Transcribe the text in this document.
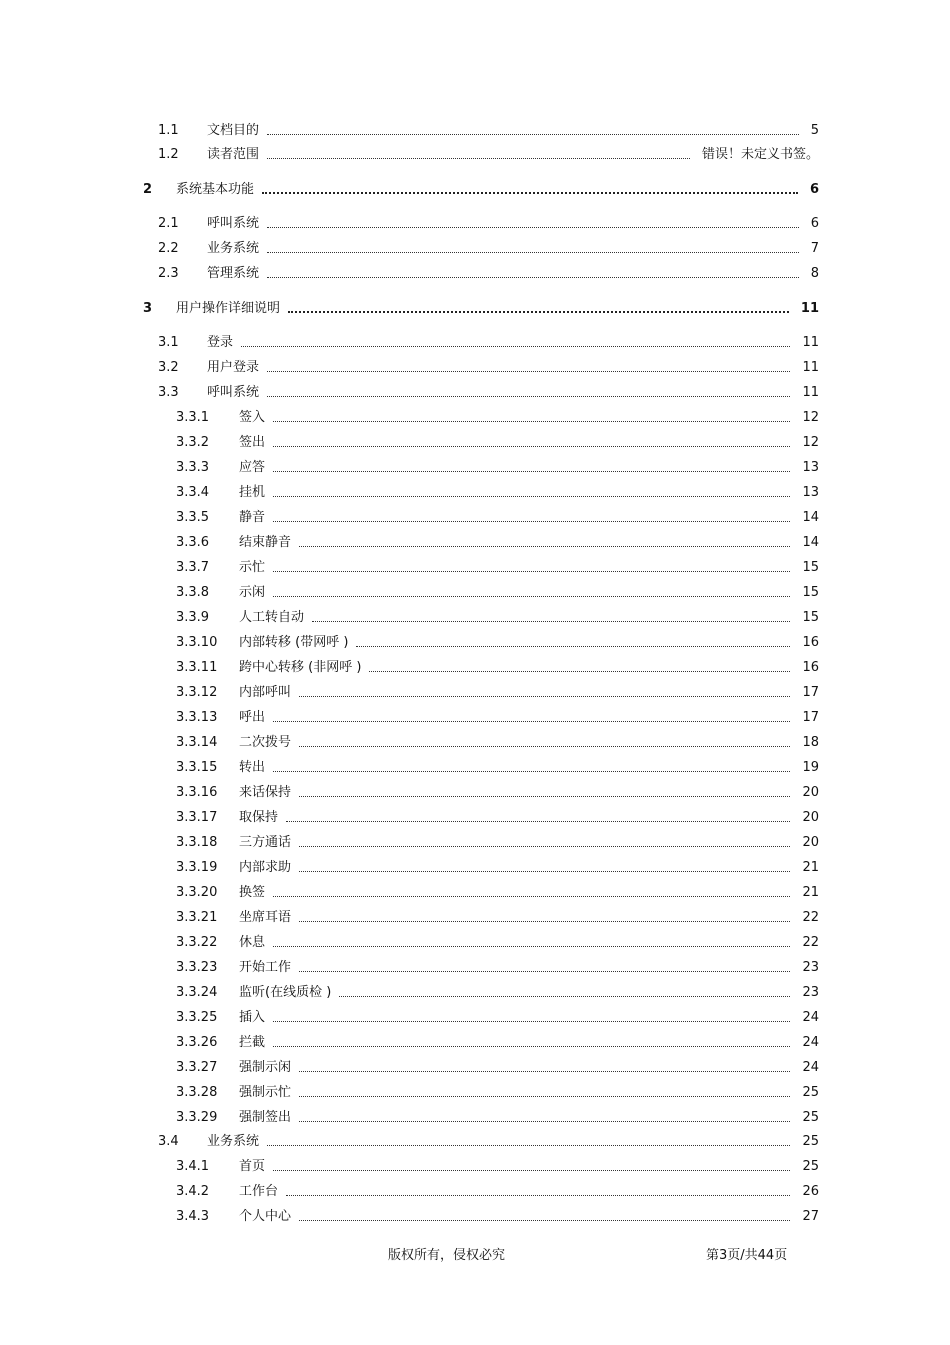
1.1 文档目的	5
1.2 读者范围	错误！未定义书签。
2 系统基本功能	6
2.1 呼叫系统	6
2.2 业务系统	7
2.3 管理系统	8
3 用户操作详细说明	11
3.1 登录	11
3.2 用户登录	11
3.3 呼叫系统	11
3.3.1 签入	12
3.3.2 签出	12
3.3.3 应答	13
3.3.4 挂机	13
3.3.5 静音	14
3.3.6 结束静音	14
3.3.7 示忙	15
3.3.8 示闲	15
3.3.9 人工转自动	15
3.3.10 内部转移 (带网呼 )	16
3.3.11 跨中心转移 (非网呼 )	16
3.3.12 内部呼叫	17
3.3.13 呼出	17
3.3.14 二次拨号	18
3.3.15 转出	19
3.3.16 来话保持	20
3.3.17 取保持	20
3.3.18 三方通话	20
3.3.19 内部求助	21
3.3.20 换签	21
3.3.21 坐席耳语	22
3.3.22 休息	22
3.3.23 开始工作	23
3.3.24 监听(在线质检 )	23
3.3.25 插入	24
3.3.26 拦截	24
3.3.27 强制示闲	24
3.3.28 强制示忙	25
3.3.29 强制签出	25
3.4 业务系统	25
3.4.1 首页	25
3.4.2 工作台	26
3.4.3 个人中心	27
版权所有，侵权必究	第3页/共44页
